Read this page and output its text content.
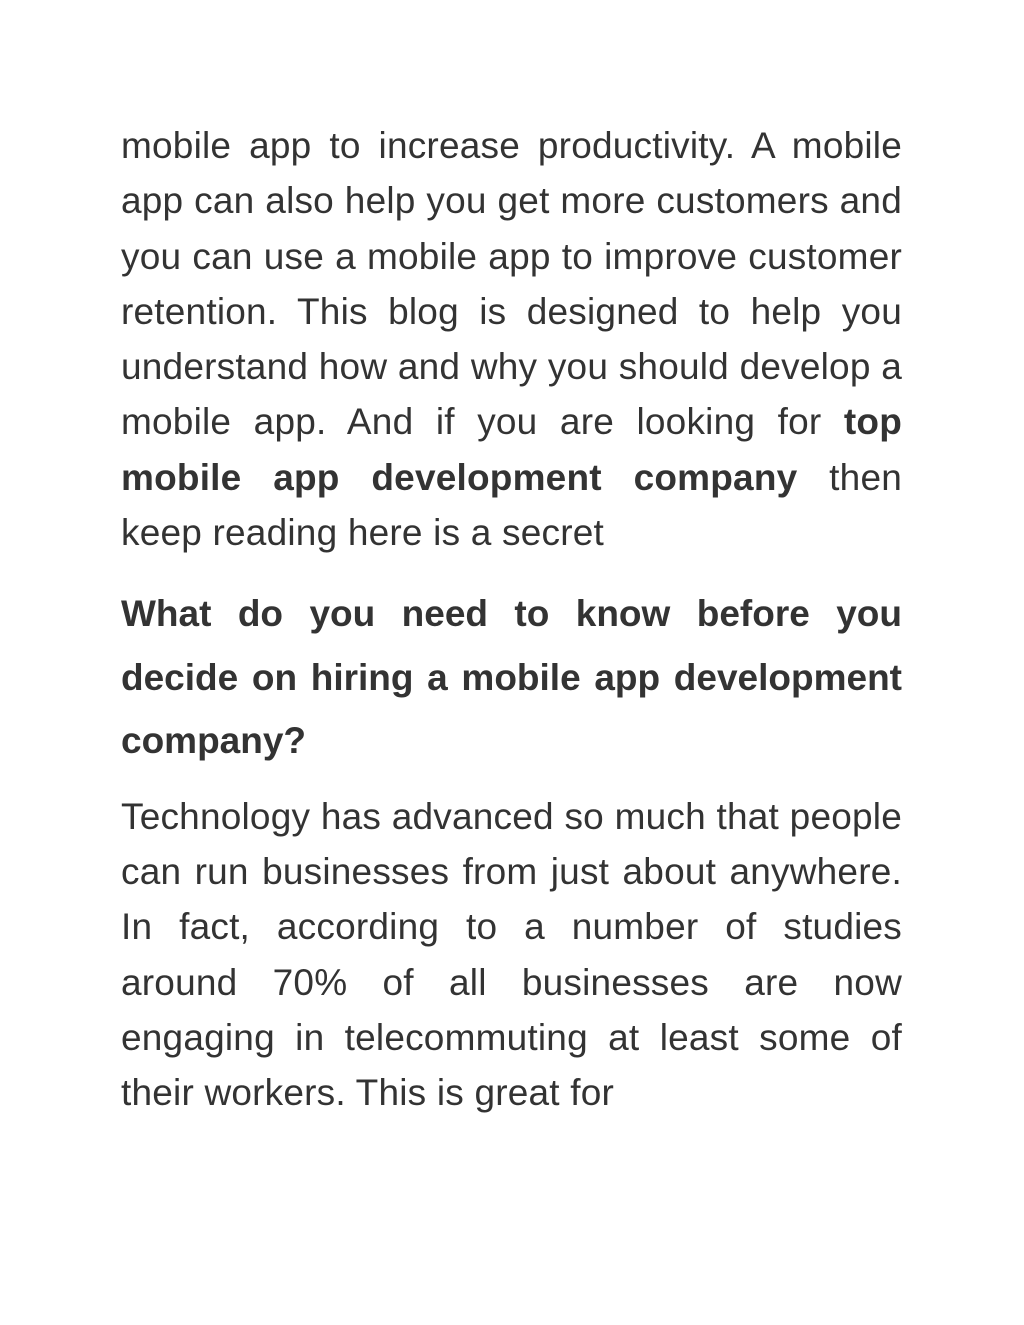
mobile app to increase productivity. A mobile app can also help you get more customers and you can use a mobile app to improve customer retention. This blog is designed to help you understand how and why you should develop a mobile app. And if you are looking for top mobile app development company then keep reading here is a secret

What do you need to know before you decide on hiring a mobile app development company?

Technology has advanced so much that people can run businesses from just about anywhere. In fact, according to a number of studies around 70% of all businesses are now engaging in telecommuting at least some of their workers. This is great for
